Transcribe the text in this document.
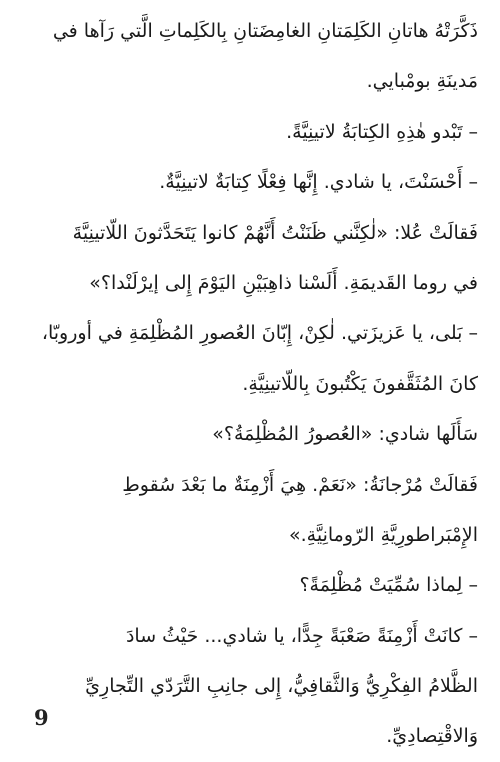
ذَكَّرَتْهُ هاتانِ الكَلِمَتانِ الغامِضَتانِ بِالكَلِماتِ الَّتي رَآها في
مَدينَةِ بومْبايي.
– تَبْدو هٰذِهِ الكِتابَةُ لاتينِيَّةً.
– أَحْسَنْتَ، يا شادي. إِنَّها فِعْلًا كِتابَةٌ لاتينِيَّةٌ.
فَقالَتْ عُلا: «لٰكِنَّني ظَنَنْتُ أَنَّهُمْ كانوا يَتَحَدَّثونَ اللّاتينِيَّةَ
في روما القَديمَةِ. أَلَسْنا ذاهِبَيْنِ اليَوْمَ إِلى إيرْلَنْدا؟»
– بَلى، يا عَزيزَتي. لٰكِنْ، إِبّانَ العُصورِ المُظْلِمَةِ في أوروبّا،
كانَ المُثَقَّفونَ يَكْتُبونَ بِاللّاتينِيَّةِ.
سَأَلَها شادي: «العُصورُ المُظْلِمَةُ؟»
فَقالَتْ مُرْجانَةُ: «نَعَمْ. هِيَ أَزْمِنَةٌ ما بَعْدَ سُقوطِ
الإِمْبَراطورِيَّةِ الرّومانِيَّةِ.»
– لِماذا سُمِّيَتْ مُظْلِمَةً؟
– كانَتْ أَزْمِنَةً صَعْبَةً جِدًّا، يا شادي... حَيْثُ سادَ
الظَّلامُ الفِكْرِيُّ وَالثَّقافِيُّ، إِلى جانِبِ التَّرَدّي التِّجارِيِّ
وَالاقْتِصادِيِّ.
9
